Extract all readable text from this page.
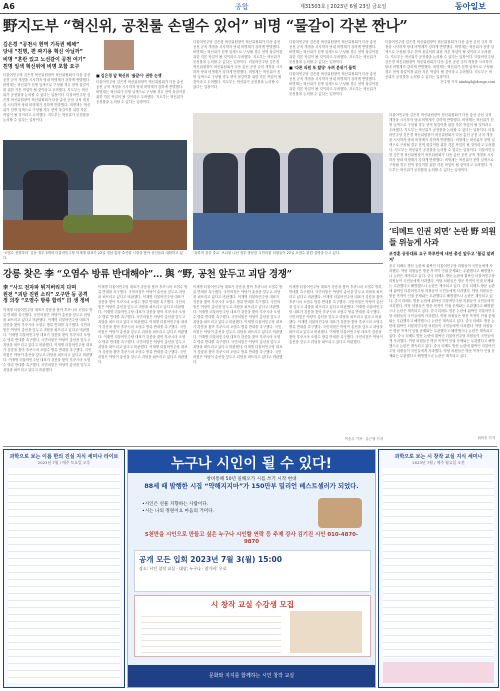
A6	종합	제31503호 | 2023년 6월 23일 금요일	동아일보
野지도부 “혁신위, 공천룰 손댈수 있어” 비명 “물갈이 각본 짠나”
김은경 “공천시 현역 기득권 해체”
당내 “친명, 편 짜기용 혁신 아닐까”
비명 “혼란 있고 노선갈이 공천 여기”
친명 일색 혁신위에 비명 포함 요구
더불어민주당 김은경 혁신위원장이 혁신위원회가 다음 총선 공천 규칙 개정을 시사하자 당내 비명계가 강하게 반발했다. 비명계는 혁신위가 친명 일색으로 구성될 경우 현역 물갈이를 위한 각본 작업이 될 것이라고 우려했다. 지도부는 혁신위가 공천룰을 논의할 수 있다는 입장이다. 더불어민주당 김은경 혁신위원장이 혁신위원회가 다음 총선 공천 규칙 개정을 시사하자 당내 비명계가 강하게 반발했다. 비명계는 혁신위가 친명 일색으로 구성될 경우 현역 물갈이를 위한 각본 작업이 될 것이라고 우려했다. 지도부는 혁신위가 공천룰을 논의할 수 있다는 입장이다.
■ 김은경 앞 혁신위 ‘물갈이’ 권한 논쟁
더불어민주당 김은경 혁신위원장이 혁신위원회가 다음 총선 공천 규칙 개정을 시사하자 당내 비명계가 강하게 반발했다. 비명계는 혁신위가 친명 일색으로 구성될 경우 현역 물갈이를 위한 각본 작업이 될 것이라고 우려했다. 지도부는 혁신위가 공천룰을 논의할 수 있다는 입장이다.
더불어민주당 김은경 혁신위원장이 혁신위원회가 다음 총선 공천 규칙 개정을 시사하자 당내 비명계가 강하게 반발했다. 비명계는 혁신위가 친명 일색으로 구성될 경우 현역 물갈이를 위한 각본 작업이 될 것이라고 우려했다. 지도부는 혁신위가 공천룰을 논의할 수 있다는 입장이다. 더불어민주당 김은경 혁신위원장이 혁신위원회가 다음 총선 공천 규칙 개정을 시사하자 당내 비명계가 강하게 반발했다. 비명계는 혁신위가 친명 일색으로 구성될 경우 현역 물갈이를 위한 각본 작업이 될 것이라고 우려했다. 지도부는 혁신위가 공천룰을 논의할 수 있다는 입장이다.
더불어민주당 김은경 혁신위원장이 혁신위원회가 다음 총선 공천 규칙 개정을 시사하자 당내 비명계가 강하게 반발했다. 비명계는 혁신위가 친명 일색으로 구성될 경우 현역 물갈이를 위한 각본 작업이 될 것이라고 우려했다. 지도부는 혁신위가 공천룰을 논의할 수 있다는 입장이다.
■ ‘다른 의원 또 탈당’ 우려 분위기 들썩
더불어민주당 김은경 혁신위원장이 혁신위원회가 다음 총선 공천 규칙 개정을 시사하자 당내 비명계가 강하게 반발했다. 비명계는 혁신위가 친명 일색으로 구성될 경우 현역 물갈이를 위한 각본 작업이 될 것이라고 우려했다. 지도부는 혁신위가 공천룰을 논의할 수 있다는 입장이다.
더불어민주당 김은경 혁신위원장이 혁신위원회가 다음 총선 공천 규칙 개정을 시사하자 당내 비명계가 강하게 반발했다. 비명계는 혁신위가 친명 일색으로 구성될 경우 현역 물갈이를 위한 각본 작업이 될 것이라고 우려했다. 지도부는 혁신위가 공천룰을 논의할 수 있다는 입장이다. 더불어민주당 김은경 혁신위원장이 혁신위원회가 다음 총선 공천 규칙 개정을 시사하자 당내 비명계가 강하게 반발했다. 비명계는 혁신위가 친명 일색으로 구성될 경우 현역 물갈이를 위한 각본 작업이 될 것이라고 우려했다. 지도부는 혁신위가 공천룰을 논의할 수 있다는 입장이다.
전주영 기자 aimhigh@donga.com
‘오염수 전혀하라’ 김동 정부 5개혁 더불어민주당 이재명 대표가 22일 경남 통영 수산물 시장을 찾아 상인들과 대화하고 있다.
‘과학적 검증 중요’ 브리핑 나선 정부 방문한 국민의힘 의원들이 22일 오염수 관련 설명을 듣고 있다.
더불어민주당 김은경 혁신위원장이 혁신위원회가 다음 총선 공천 규칙 개정을 시사하자 당내 비명계가 강하게 반발했다. 비명계는 혁신위가 친명 일색으로 구성될 경우 현역 물갈이를 위한 각본 작업이 될 것이라고 우려했다. 지도부는 혁신위가 공천룰을 논의할 수 있다는 입장이다. 더불어민주당 김은경 혁신위원장이 혁신위원회가 다음 총선 공천 규칙 개정을 시사하자 당내 비명계가 강하게 반발했다. 비명계는 혁신위가 친명 일색으로 구성될 경우 현역 물갈이를 위한 각본 작업이 될 것이라고 우려했다. 지도부는 혁신위가 공천룰을 논의할 수 있다는 입장이다. 더불어민주당 김은경 혁신위원장이 혁신위원회가 다음 총선 공천 규칙 개정을 시사하자 당내 비명계가 강하게 반발했다. 비명계는 혁신위가 친명 일색으로 구성될 경우 현역 물갈이를 위한 각본 작업이 될 것이라고 우려했다. 지도부는 혁신위가 공천룰을 논의할 수 있다는 입장이다.
‘티메트 인권 외면’ 논란 野 의원들 위능게 사과
조정훈 공동대표 요구 하루만에 내년 총선 앞두고 ‘불길 알려져’
중국 티베트 방문 논란에 휩싸인 더불어민주당 의원들이 국민들에게 사과했다. 야당 의원들은 방문 목적이 인권 문제와는 무관했다고 해명했으나 논란은 계속되고 있다. 중국 티베트 방문 논란에 휩싸인 더불어민주당 의원들이 국민들에게 사과했다. 야당 의원들은 방문 목적이 인권 문제와는 무관했다고 해명했으나 논란은 계속되고 있다. 중국 티베트 방문 논란에 휩싸인 더불어민주당 의원들이 국민들에게 사과했다. 야당 의원들은 방문 목적이 인권 문제와는 무관했다고 해명했으나 논란은 계속되고 있다. 중국 티베트 방문 논란에 휩싸인 더불어민주당 의원들이 국민들에게 사과했다. 야당 의원들은 방문 목적이 인권 문제와는 무관했다고 해명했으나 논란은 계속되고 있다. 중국 티베트 방문 논란에 휩싸인 더불어민주당 의원들이 국민들에게 사과했다. 야당 의원들은 방문 목적이 인권 문제와는 무관했다고 해명했으나 논란은 계속되고 있다. 중국 티베트 방문 논란에 휩싸인 더불어민주당 의원들이 국민들에게 사과했다. 야당 의원들은 방문 목적이 인권 문제와는 무관했다고 해명했으나 논란은 계속되고 있다. 중국 티베트 방문 논란에 휩싸인 더불어민주당 의원들이 국민들에게 사과했다. 야당 의원들은 방문 목적이 인권 문제와는 무관했다고 해명했으나 논란은 계속되고 있다. 중국 티베트 방문 논란에 휩싸인 더불어민주당 의원들이 국민들에게 사과했다. 야당 의원들은 방문 목적이 인권 문제와는 무관했다고 해명했으나 논란은 계속되고 있다.
최미송 기자
강릉 찾은 李 “오염수 방류 반대해야”… 與 “野, 공천 앞두고 괴담 경쟁”
李 “사드 전자파 튀겨버리지 다며
원전 “괴담 진원 소리” 오구반 등 공격
정 의장 “오염수 방류 합리” 日 생 정비
이재명 더불어민주당 대표가 강릉을 찾아 후쿠시마 오염수 방류 반대를 촉구했다. 국민의힘은 야당이 총선을 앞두고 괴담을 퍼뜨리고 있다고 비판했다. 이재명 더불어민주당 대표가 강릉을 찾아 후쿠시마 오염수 방류 반대를 촉구했다. 국민의힘은 야당이 총선을 앞두고 괴담을 퍼뜨리고 있다고 비판했다. 이재명 더불어민주당 대표가 강릉을 찾아 후쿠시마 오염수 방류 반대를 촉구했다. 국민의힘은 야당이 총선을 앞두고 괴담을 퍼뜨리고 있다고 비판했다. 이재명 더불어민주당 대표가 강릉을 찾아 후쿠시마 오염수 방류 반대를 촉구했다. 국민의힘은 야당이 총선을 앞두고 괴담을 퍼뜨리고 있다고 비판했다. 이재명 더불어민주당 대표가 강릉을 찾아 후쿠시마 오염수 방류 반대를 촉구했다. 국민의힘은 야당이 총선을 앞두고 괴담을 퍼뜨리고 있다고 비판했다.
이재명 더불어민주당 대표가 강릉을 찾아 후쿠시마 오염수 방류 반대를 촉구했다. 국민의힘은 야당이 총선을 앞두고 괴담을 퍼뜨리고 있다고 비판했다. 이재명 더불어민주당 대표가 강릉을 찾아 후쿠시마 오염수 방류 반대를 촉구했다. 국민의힘은 야당이 총선을 앞두고 괴담을 퍼뜨리고 있다고 비판했다. 이재명 더불어민주당 대표가 강릉을 찾아 후쿠시마 오염수 방류 반대를 촉구했다. 국민의힘은 야당이 총선을 앞두고 괴담을 퍼뜨리고 있다고 비판했다. 이재명 더불어민주당 대표가 강릉을 찾아 후쿠시마 오염수 방류 반대를 촉구했다. 국민의힘은 야당이 총선을 앞두고 괴담을 퍼뜨리고 있다고 비판했다. 이재명 더불어민주당 대표가 강릉을 찾아 후쿠시마 오염수 방류 반대를 촉구했다. 국민의힘은 야당이 총선을 앞두고 괴담을 퍼뜨리고 있다고 비판했다. 이재명 더불어민주당 대표가 강릉을 찾아 후쿠시마 오염수 방류 반대를 촉구했다. 국민의힘은 야당이 총선을 앞두고 괴담을 퍼뜨리고 있다고 비판했다.
이재명 더불어민주당 대표가 강릉을 찾아 후쿠시마 오염수 방류 반대를 촉구했다. 국민의힘은 야당이 총선을 앞두고 괴담을 퍼뜨리고 있다고 비판했다. 이재명 더불어민주당 대표가 강릉을 찾아 후쿠시마 오염수 방류 반대를 촉구했다. 국민의힘은 야당이 총선을 앞두고 괴담을 퍼뜨리고 있다고 비판했다. 이재명 더불어민주당 대표가 강릉을 찾아 후쿠시마 오염수 방류 반대를 촉구했다. 국민의힘은 야당이 총선을 앞두고 괴담을 퍼뜨리고 있다고 비판했다. 이재명 더불어민주당 대표가 강릉을 찾아 후쿠시마 오염수 방류 반대를 촉구했다. 국민의힘은 야당이 총선을 앞두고 괴담을 퍼뜨리고 있다고 비판했다. 이재명 더불어민주당 대표가 강릉을 찾아 후쿠시마 오염수 방류 반대를 촉구했다. 국민의힘은 야당이 총선을 앞두고 괴담을 퍼뜨리고 있다고 비판했다. 이재명 더불어민주당 대표가 강릉을 찾아 후쿠시마 오염수 방류 반대를 촉구했다. 국민의힘은 야당이 총선을 앞두고 괴담을 퍼뜨리고 있다고 비판했다.
이재명 더불어민주당 대표가 강릉을 찾아 후쿠시마 오염수 방류 반대를 촉구했다. 국민의힘은 야당이 총선을 앞두고 괴담을 퍼뜨리고 있다고 비판했다. 이재명 더불어민주당 대표가 강릉을 찾아 후쿠시마 오염수 방류 반대를 촉구했다. 국민의힘은 야당이 총선을 앞두고 괴담을 퍼뜨리고 있다고 비판했다. 이재명 더불어민주당 대표가 강릉을 찾아 후쿠시마 오염수 방류 반대를 촉구했다. 국민의힘은 야당이 총선을 앞두고 괴담을 퍼뜨리고 있다고 비판했다. 이재명 더불어민주당 대표가 강릉을 찾아 후쿠시마 오염수 방류 반대를 촉구했다. 국민의힘은 야당이 총선을 앞두고 괴담을 퍼뜨리고 있다고 비판했다. 이재명 더불어민주당 대표가 강릉을 찾아 후쿠시마 오염수 방류 반대를 촉구했다. 국민의힘은 야당이 총선을 앞두고 괴담을 퍼뜨리고 있다고 비판했다.
이승우 기자 · 유근형 기자
과학으로 보는 이름 한의 진실 지식 세미나 라이브
2023년 7월 / 매주 토요일 오후	누구나 시인이 될 수 있다!
창비통해 50년 일해오가 시를 쓰기 시작 현대
88세 때 발행한 시집 “약해지지마”가 150만부 밀리언 베스트셀러가 되었다.
•시인은 선물 지향하는 사람이다.
•시는 나의 정원이요 마음의 거미다.
5천만을 시인으로 만들고 싶은 누구나 시인할 연락 등 주제 강사 김기진 시인 010-4870-9870
공개 모든 입회 2023년 7월 3(월) 15:00
장소: 시인 창작 교실 · 대상: 누구나 · 참가비: 무료
시 창작 교실 수강생 모집
문화와 지지를 함께하는 시인 창작 교실
과학으로 보는 시 창작 교실 지식 세미나
2023년 7월 / 매주 월요일 오전
